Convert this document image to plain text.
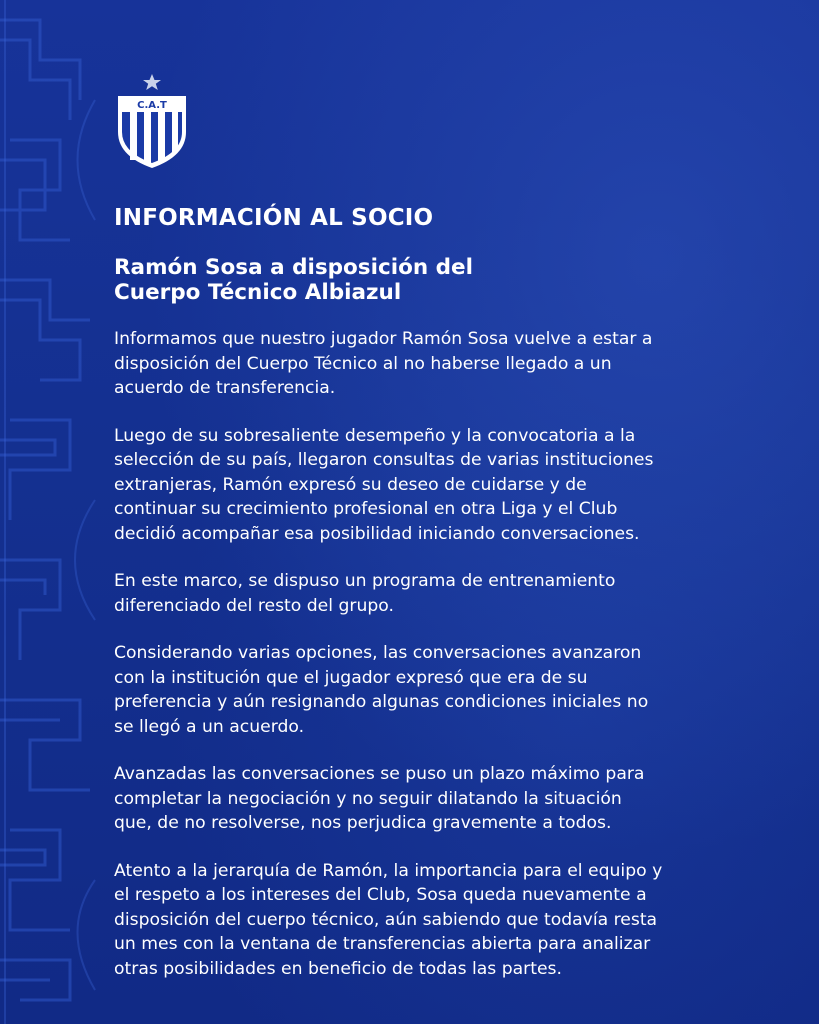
C.A.T
INFORMACIÓN AL SOCIO
Ramón Sosa a disposición del
Cuerpo Técnico Albiazul

Informamos que nuestro jugador Ramón Sosa vuelve a estar a
disposición del Cuerpo Técnico al no haberse llegado a un
acuerdo de transferencia.

Luego de su sobresaliente desempeño y la convocatoria a la
selección de su país, llegaron consultas de varias instituciones
extranjeras, Ramón expresó su deseo de cuidarse y de
continuar su crecimiento profesional en otra Liga y el Club
decidió acompañar esa posibilidad iniciando conversaciones.

En este marco, se dispuso un programa de entrenamiento
diferenciado del resto del grupo.

Considerando varias opciones, las conversaciones avanzaron
con la institución que el jugador expresó que era de su
preferencia y aún resignando algunas condiciones iniciales no
se llegó a un acuerdo.

Avanzadas las conversaciones se puso un plazo máximo para
completar la negociación y no seguir dilatando la situación
que, de no resolverse, nos perjudica gravemente a todos.

Atento a la jerarquía de Ramón, la importancia para el equipo y
el respeto a los intereses del Club, Sosa queda nuevamente a
disposición del cuerpo técnico, aún sabiendo que todavía resta
un mes con la ventana de transferencias abierta para analizar
otras posibilidades en beneficio de todas las partes.
